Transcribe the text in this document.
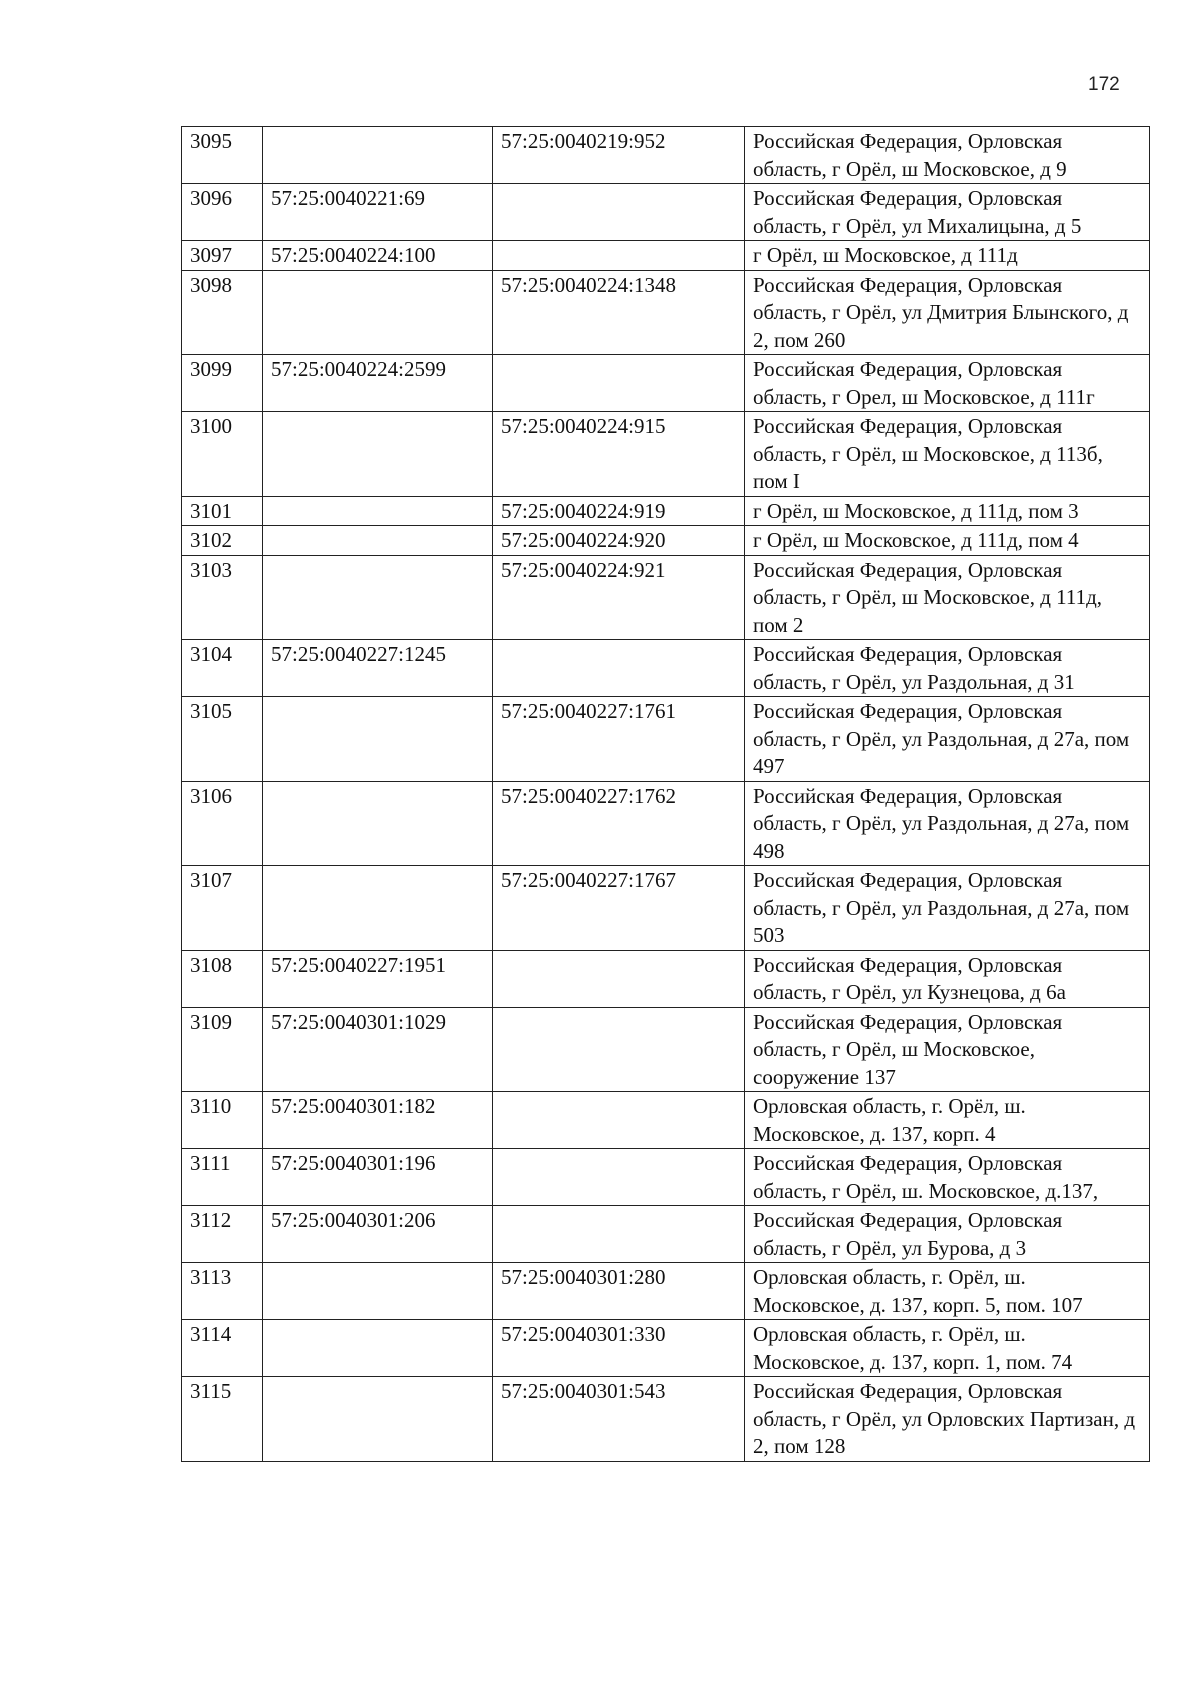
172
3095		57:25:0040219:952	Российская Федерация, Орловская область, г Орёл, ш Московское, д 9
3096	57:25:0040221:69		Российская Федерация, Орловская область, г Орёл, ул Михалицына, д 5
3097	57:25:0040224:100		г Орёл, ш Московское, д 111д
3098		57:25:0040224:1348	Российская Федерация, Орловская область, г Орёл, ул Дмитрия Блынского, д 2, пом 260
3099	57:25:0040224:2599		Российская Федерация, Орловская область, г Орел, ш Московское, д 111г
3100		57:25:0040224:915	Российская Федерация, Орловская область, г Орёл, ш Московское, д 113б, пом I
3101		57:25:0040224:919	г Орёл, ш Московское, д 111д, пом 3
3102		57:25:0040224:920	г Орёл, ш Московское, д 111д, пом 4
3103		57:25:0040224:921	Российская Федерация, Орловская область, г Орёл, ш Московское, д 111д, пом 2
3104	57:25:0040227:1245		Российская Федерация, Орловская область, г Орёл, ул Раздольная, д 31
3105		57:25:0040227:1761	Российская Федерация, Орловская область, г Орёл, ул Раздольная, д 27а, пом 497
3106		57:25:0040227:1762	Российская Федерация, Орловская область, г Орёл, ул Раздольная, д 27а, пом 498
3107		57:25:0040227:1767	Российская Федерация, Орловская область, г Орёл, ул Раздольная, д 27а, пом 503
3108	57:25:0040227:1951		Российская Федерация, Орловская область, г Орёл, ул Кузнецова, д 6а
3109	57:25:0040301:1029		Российская Федерация, Орловская область, г Орёл, ш Московское, сооружение 137
3110	57:25:0040301:182		Орловская область, г. Орёл, ш. Московское, д. 137, корп. 4
3111	57:25:0040301:196		Российская Федерация, Орловская область, г Орёл, ш. Московское, д.137,
3112	57:25:0040301:206		Российская Федерация, Орловская область, г Орёл, ул Бурова, д 3
3113		57:25:0040301:280	Орловская область, г. Орёл, ш. Московское, д. 137, корп. 5, пом. 107
3114		57:25:0040301:330	Орловская область, г. Орёл, ш. Московское, д. 137, корп. 1, пом. 74
3115		57:25:0040301:543	Российская Федерация, Орловская область, г Орёл, ул Орловских Партизан, д 2, пом 128
